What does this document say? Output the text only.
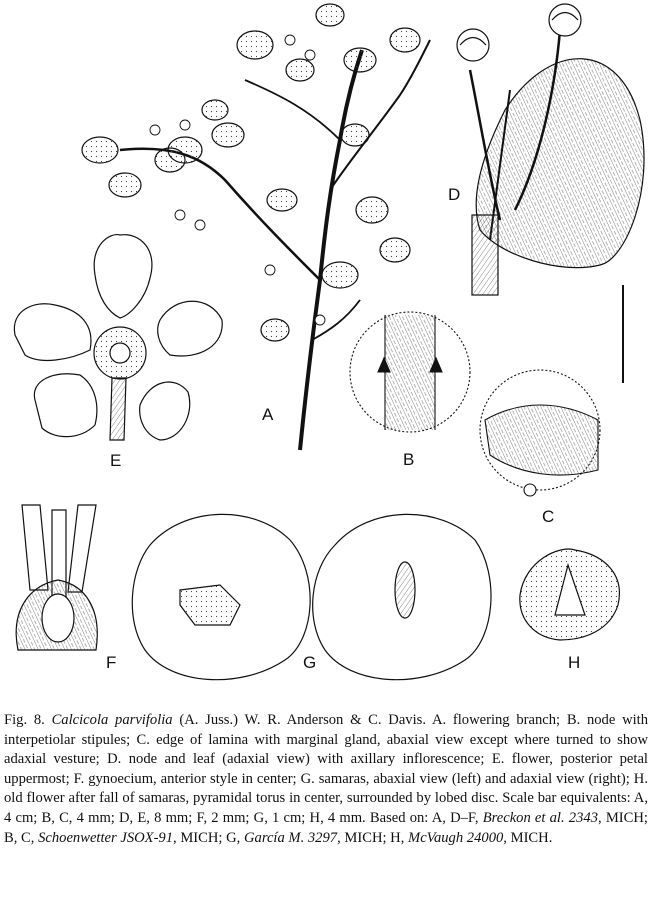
A
B
C
D
E
F	G	H
Fig. 8. Calcicola parvifolia (A. Juss.) W. R. Anderson & C. Davis. A. flowering branch; B. node with interpetiolar stipules; C. edge of lamina with marginal gland, abaxial view except where turned to show adaxial vesture; D. node and leaf (adaxial view) with axillary inflorescence; E. flower, posterior petal uppermost; F. gynoecium, anterior style in center; G. samaras, abaxial view (left) and adaxial view (right); H. old flower after fall of samaras, pyramidal torus in center, surrounded by lobed disc. Scale bar equivalents: A, 4 cm; B, C, 4 mm; D, E, 8 mm; F, 2 mm; G, 1 cm; H, 4 mm. Based on: A, D–F, Breckon et al. 2343, MICH; B, C, Schoenwetter JSOX-91, MICH; G, García M. 3297, MICH; H, McVaugh 24000, MICH.
